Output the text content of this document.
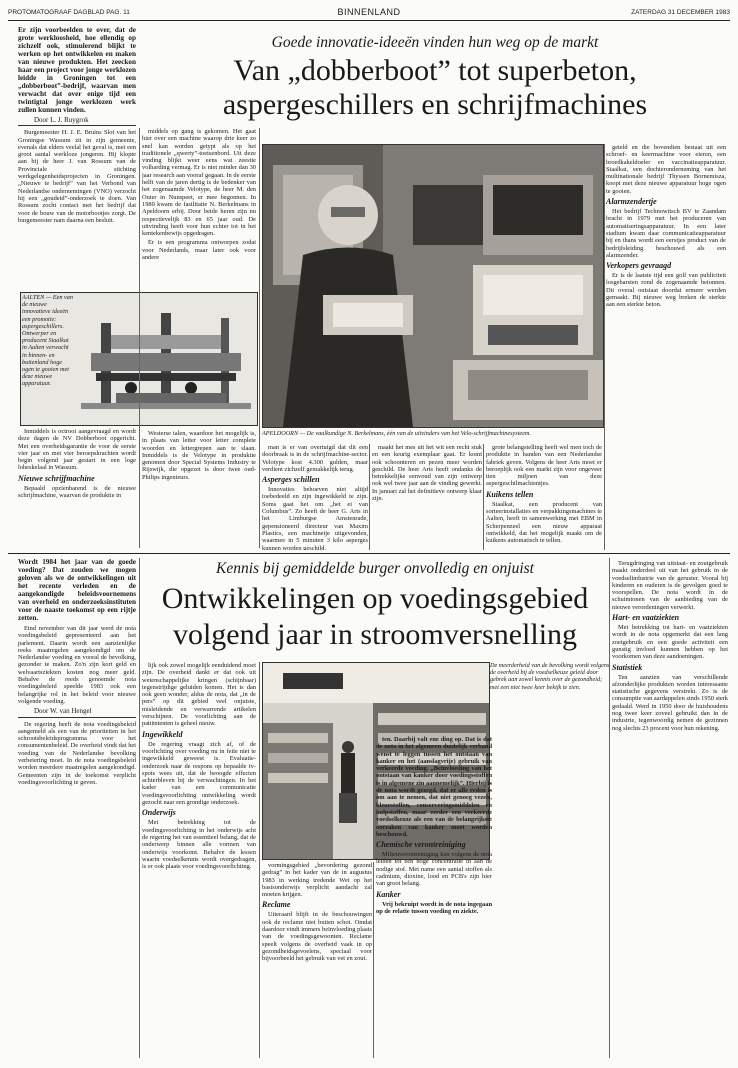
PROTOMATOGRAAF DAGBLAD PAG. 11	BINNENLAND	ZATERDAG 31 DECEMBER 1983
Er zijn voorbeelden te over, dat de grote werkloosheid, hoe ellendig op zichzelf ook, stimulerend blijkt te werken op het ontwikkelen en maken van nieuwe produkten. Het zeeckon haar een project voor jonge werklozen leidde in Groningen tot een „dobberboot”-bedrijf, waarvan men verwacht dat over enige tijd een twintigtal jonge werklozen werk zullen kunnen vinden.
Door L. J. Ruygrok

Burgemeester H. J. E. Bruins Slot van het Groningse Wassum zit in zijn gemeente, evenals dat elders veelal het geval is, met een groot aantal werkloze jongeren. Hij klopte aan bij de heer J. van Rossum van de Provinciale stichting werkgelegenheidsprojecten in Groningen. „Nieuwe te bedrijf” van het Verbond van Nederlandse ondernemingen (VNO) verzocht hij een „goudeid”-onderzoek te doen. Van Rossum zocht contact met het bedrijf dat voor de bouw van de motorbootjes zorgt. De burgemeester nam daarna een besluit.

Goede innovatie-ideeën vinden hun weg op de markt
Van „dobberboot” tot superbeton,
aspergeschillers en schrijfmachines

middels op gang is gekomen. Het gaat hier over een machine waarop drie keer zo snel kan worden getypt als op het traditionele „qwerty”-toetsenbord. Uit deze vinding blijkt weer eens wat zeestie volharding vermag. Er is niet minder dan 30 jaar research aan vooraf gegaan. In de eerste helft van de jaren dertig is de bedenker van het zogenaamde Velotype, de heer M. den Outer in Nunspeet, er mee begonnen. In 1980 kwam de fasilitatie N. Berkelmans in Apeldoorn erbij. Door beide heren zijn nu respectievelijk 83 en 65 jaar oud. De uitvinding heeft voor hun echter tot in het kentekenbewijs opgedragen.

Er is een programma ontworpen zodat voor Nederlands, maar later ook voor andere

AALTEN — Een van de nieuwe innovatieve ideeën een promotie: aspergeschillers. Ontwerper en producent Staalkat in Aalten verwacht in binnen- en buitenland hoge ogen te gooien met deze nieuwe apparatuur.

Inmiddels is octrooi aangevraagd en wordt deze dagen de NV Dobberboot opgericht. Met een overheidsgarantie de voor de eerste vier jaar en met vier beroepskrachten wordt begin volgend jaar gestart in een loge loheskelaal in Wassum.

Nieuwe schrijfmachine

Bepaald opzienbarend is de nieuwe schrijfmachine, waarvan de produktie in

APELDOORN — De vaalkundige N. Berkelmans, één van de uitvinders van het Velo-schrijfmachinesysteem.

Westerse talen, waardoor het mogelijk is, in plaats van letter voor letter complete woorden en lettergrepen aan te slaan. Inmiddels is de Velotype in produktie genomen door Special Systems Industry te Rijswijk, die opgezet is door twee oud-Philips ingenieurs.

man is er van overtuigd dat dit een doorbraak is in de schrijfmachine-sector. Velotype kost 4.300 gulden, maar verdient zichzelf gemakkelijk terug.

Asperges schillen

Innovaties behoeven niet altijd toebedeeld en zijn ingewikkeld te zijn. Soms gaat het om „het ei van Columbus”. Zo heeft de heer G. Arts in het Limburgse Amstenrade, gepensioneerd directeur van Maxim Plastics, een machinetje uitgevonden, waarmee in 5 minuten 3 kilo asperges kunnen worden geschild.

maakt het mes uit het wit een recht stuk en een keurig exemplaar gaat. Er komt ook schoonteren en pezen meer worden geschild. De heer Arts heeft ondanks de betrekkelijke eenvoud van zijn ontwerp ook wel twee jaar aan de vinding gewerkt. In januari zal het definitieve ontwerp klaar zijn.

grote belangstelling heeft wel men toch de produktie in handen van een Nederlandse fabriek geven. Volgens de heer Arts moet er beroeplijk ook een markt zijn voor ongeveer tien miljoen van deze aspergeschilmachientjes.

Kuikens tellen

Staalkat, een producent van sorteerinstallaties en verpakkingsmachines te Aalten, heeft in samenwerking met EBM in Scherpenzeel een nieuw apparaat ontwikkeld, dat het mogelijk maakt om de kuikens automatisch te tellen.

geteld en die bovendien bestaat uit een schroef- en keermachine voor eieren, een broedkakeldoeler en vaccinatieapparatuur. Staalkat, een dochteronderneming van het multinationale bedrijf Thyssen Bornemisza, koopt met deze nieuwe apparatuur hoge ogen te gooien.

Alarmzendertje

Het bedrijf Technowitsch BV te Zaandam bracht in 1979 met het produceren van automatiseringsapparatuur. In een later stadium kwam daar communicatieapparatuur bij en thans wordt een eerstjes product van de bedrijfsleiding beschouwd als een alarmzender.

Verkopers gevraagd

Er is de laatste tijd een golf van publiciteit losgebarsten rond de zogenaamde betonnen. Dit overal outstaat doordat ermeer werden gemaakt. Bij nieuwe weg breken de sterkte aan een sterkte beton.

Wordt 1984 het jaar van de goede voeding? Dat zouden we mogen geloven als we de ontwikkelingen uit het recente verleden en de aangekondigde beleidsvoornemens van overheid en onderzoeksinstituten voor de naaste toekomst op een rijtje zetten.

Eind november van dit jaar werd de nota voedingsbeleid gepresenteerd aan het parlement. Daarin wordt een aanzienlijke reeks maatregelen aangekondigd om de Nederlandse voeding en vooral de bevolking, gezonder te maken. Zo'n zijn kort geld en welvaartsziekten kosten nog meer geld. Behalve de reeds genoemde nota voedingsbeleid speelde 1983 ook een belangrijke rol in het beleid voor nieuwe volgende voeding.

Door W. van Hengel

De regering heeft de nota voedingsbeleid aangemeld als een van de prioriteiten in het schrootsbeleidsprogramma voor het consumentenbeleid. De overheid vindt dat het voeding van de Nederlandse bevolking verbetering moet. In de nota voedingsbeleid worden meerdere maatregelen aangekondigd. Gemeenten zijn in de toekomst verplicht voedingsvoorlichting te geven.

Kennis bij gemiddelde burger onvolledig en onjuist
Ontwikkelingen op voedingsgebied
volgend jaar in stroomversnelling

lijk ook zowel mogelijk eenduidend moet zijn. De overheid dankt er dat ook uit wetenschappelijke kringen (schijnbaar) tegenstrijdige geluiden komen. Het is dan ook geen wonder, aldus de nota, dat „in de pers” op dit gebied veel onjuiste, misleidende en verwarrende artikelen verschijnen. De voorlichting aan de patiëntenten is geheel nieuw.

Ingewikkeld

De regering vraagt zich af, of de voorlichting over voeding nu in feite niet te ingewikkeld geweest is. Evaluatie-onderzoek naar de respons op bepaalde tv-spots wees uit, dat de beoogde effecten achterbleven bij de verwachtingen. In het kader van een communicatie voedingsvoorlichting ontwikkeling wordt gezocht naar een grondige onderzoek.

Onderwijs

Met betrekking tot de voedingsvoorlichting in het onderwijs acht de regering het van essentieel belang, dat de onderwerp binnen alle vormen van onderwijs voorkomt. Behalve de lessen waarin voedselkennis wordt overgedragen, is er ook plaats voor voedingsvoorlichting.

De meerderheid van de bevolking wordt volgens de overheid bij de voedselkeuze geleid door gebrek aan zowel kennis over de gezondheid; met een niet twee keer bekijk te zien.

vormingsgebied „bevordering gezond gedrag” in het kader van de in augustus 1983 in werking tredende Wet op het basisonderwijs verplicht aandacht zal moeten krijgen.

Reclame

Uiteraard blijft in de beschouwingen ook de reclame niet buiten schot. Omdat daardoor vindt immers beïnvloeding plaats van de voedingsgewoonten. Reclame speelt volgens de overheid vaak in op gezondheidsgevoelens, speciaal voor bijvoorbeeld het gebruik van vet en zout.

ten. Daarbij valt ene ding op. Dat is dat de nota in het algemeen duidelijk verband wenst te leggen tussen het ontstaan van kanker en het (aanslagvrije) gebruik van verkeerde voeding. „Beïnvloeding van het ontstaan van kanker door voedingsstoffen is in algemene zin aannemelijk”. Hierbij is de nota wordt gezegd, dat er alle reden is om aan te nemen, dat niet genoeg vezels, kleurstoffen, conserveringsmiddelen en hulpstoffen, maar eerder een verkeerde voedselkeuze als een van de belangrijkste oorzaken van kanker moet worden beschouwd.

Chemische verontreiniging

Milieuverontreiniging kan volgens de nota leiden tot een hoge concentratie in aan de nodige stof. Met name een aantal stoffen als cadmium, dioxine, lood en PCB's zijn hier van groot belang.

Kanker

Vrij bekruipt wordt in de nota ingegaan op de relatie tussen voeding en ziekte.

Terugdringing van uitstaat- en zoutgebruik maakt onderdeel uit van het gebruik in de voedselindustrie van de geruster. Vooral bij kinderen en ouderen is de gevolgen goed te voorspellen. De nota wordt in de schuimtonen van de aanbieding van de nieuwe verordeningen verwerkt.

Hart- en vaatziekten

Met betrekking tot hart- en vaatziekten wordt in de nota opgemerkt dat een lang zoetgebruik en een goede activiteit een gunstig invloed kunnen hebben op het voorkomen van deze aandoeningen.

Statistiek

Ten aanzien van verschillende afzonderlijke produkten worden interessante statistische gegevens verstrekt. Zo is de consumptie van aardappelen sinds 1950 sterk gedaald. Werd in 1950 door de huishoudens nog twee keer zoveel gebruikt dan in de industrie, tegenwoordig nemen de gezinnen nog slechts 23 procent voor hun rekening.
